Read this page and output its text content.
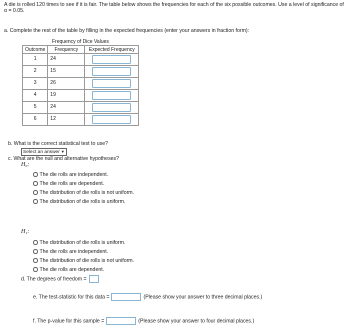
A die is rolled 120 times to see if it is fair. The table below shows the frequencies for each of the six possible outcomes. Use a level of significance of α = 0.05.
a. Complete the rest of the table by filling in the expected frequencies (enter your answers in fraction form):
Frequency of Dice Values
Outcome	Frequency	Expected Frequency
1	24	

2	15	

3	26	

4	19	

5	24	

6	12	
b. What is the correct statistical test to use?
Select an answer▼
c. What are the null and alternative hypotheses?
H₀:
The die rolls are independent.
The die rolls are dependent.
The distribution of die rolls is not uniform.
The distribution of die rolls is uniform.
H₁:
The distribution of die rolls is uniform.
The die rolls are independent.
The distribution of die rolls is not uniform.
The die rolls are dependent.
d. The degrees of freedom =
e. The test-statistic for this data =	(Please show your answer to three decimal places.)
f. The p-value for this sample =	(Please show your answer to four decimal places.)
